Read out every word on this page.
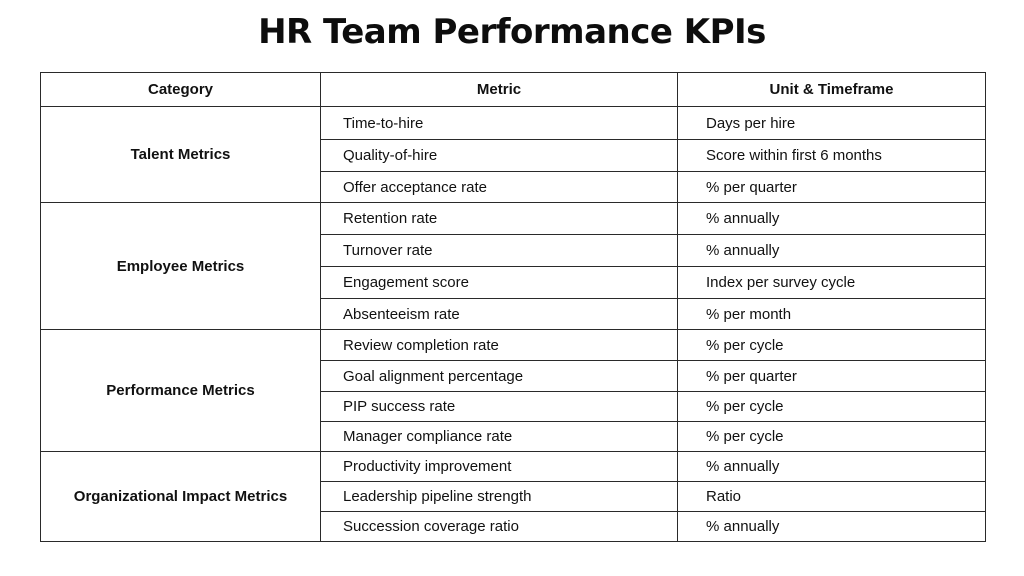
HR Team Performance KPIs
Category	Metric	Unit & Timeframe
Talent Metrics	Time-to-hire	Days per hire
	Quality-of-hire	Score within first 6 months
	Offer acceptance rate	% per quarter
Employee Metrics	Retention rate	% annually
	Turnover rate	% annually
	Engagement score	Index per survey cycle
	Absenteeism rate	% per month
Performance Metrics	Review completion rate	% per cycle
	Goal alignment percentage	% per quarter
	PIP success rate	% per cycle
	Manager compliance rate	% per cycle
Organizational Impact Metrics	Productivity improvement	% annually
	Leadership pipeline strength	Ratio
	Succession coverage ratio	% annually
